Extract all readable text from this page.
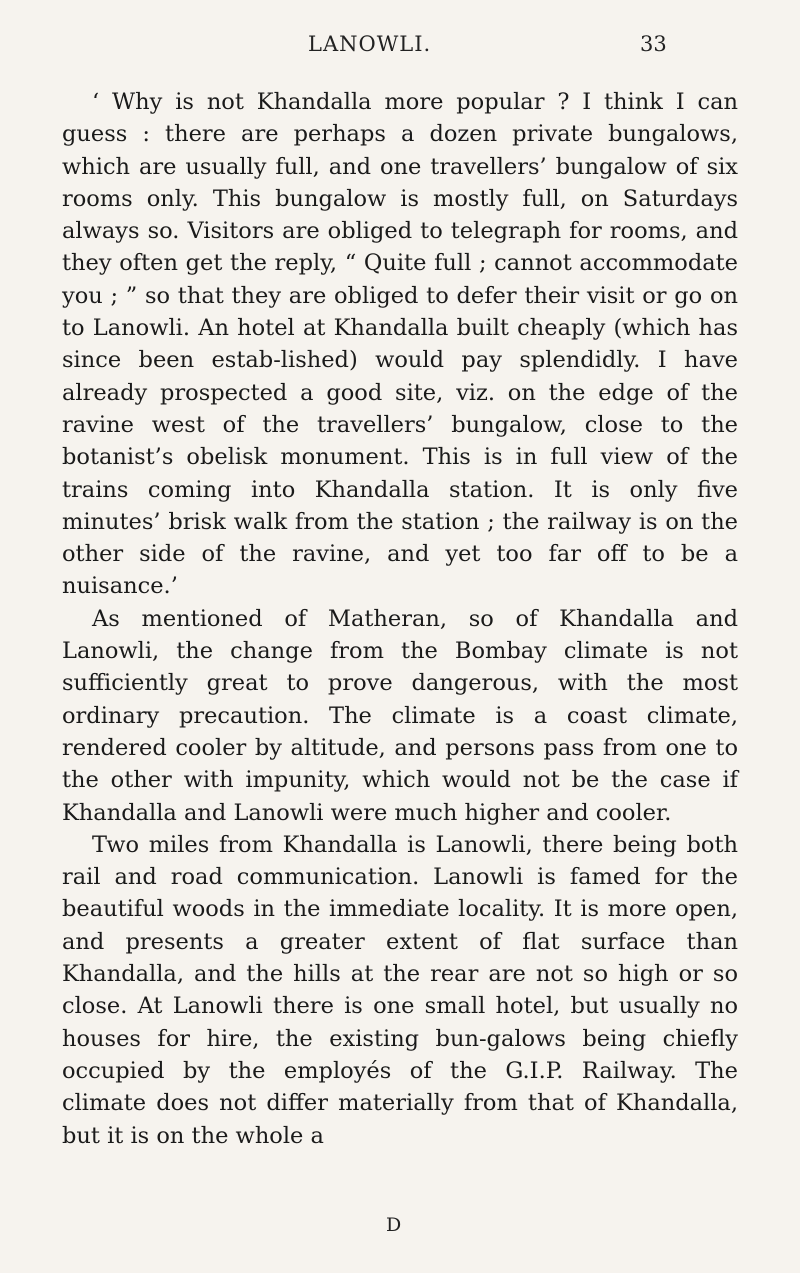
LANOWLI.	33

‘ Why is not Khandalla more popular ? I think I can guess : there are perhaps a dozen private bungalows, which are usually full, and one travellers’ bungalow of six rooms only. This bungalow is mostly full, on Saturdays always so. Visitors are obliged to telegraph for rooms, and they often get the reply, “ Quite full ; cannot accommodate you ; ” so that they are obliged to defer their visit or go on to Lanowli. An hotel at Khandalla built cheaply (which has since been estab-lished) would pay splendidly. I have already prospected a good site, viz. on the edge of the ravine west of the travellers’ bungalow, close to the botanist’s obelisk monument. This is in full view of the trains coming into Khandalla station. It is only five minutes’ brisk walk from the station ; the railway is on the other side of the ravine, and yet too far off to be a nuisance.’

As mentioned of Matheran, so of Khandalla and Lanowli, the change from the Bombay climate is not sufficiently great to prove dangerous, with the most ordinary precaution. The climate is a coast climate, rendered cooler by altitude, and persons pass from one to the other with impunity, which would not be the case if Khandalla and Lanowli were much higher and cooler.

Two miles from Khandalla is Lanowli, there being both rail and road communication. Lanowli is famed for the beautiful woods in the immediate locality. It is more open, and presents a greater extent of flat surface than Khandalla, and the hills at the rear are not so high or so close. At Lanowli there is one small hotel, but usually no houses for hire, the existing bun-galows being chiefly occupied by the employés of the G.I.P. Railway. The climate does not differ materially from that of Khandalla, but it is on the whole a

D
